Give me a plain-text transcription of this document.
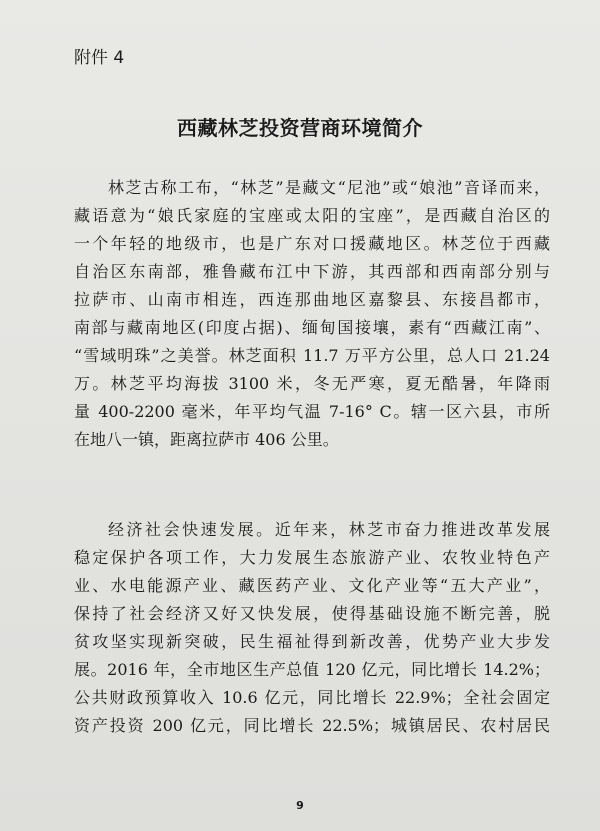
附件 4
西藏林芝投资营商环境简介
林芝古称工布，“林芝”是藏文“尼池”或“娘池”音译而来，
藏语意为“娘氏家庭的宝座或太阳的宝座”，是西藏自治区的
一个年轻的地级市，也是广东对口援藏地区。林芝位于西藏
自治区东南部，雅鲁藏布江中下游，其西部和西南部分别与
拉萨市、山南市相连，西连那曲地区嘉黎县、东接昌都市，
南部与藏南地区(印度占据)、缅甸国接壤，素有“西藏江南”、
“雪域明珠”之美誉。林芝面积 11.7 万平方公里，总人口 21.24
万。林芝平均海拔 3100 米，冬无严寒，夏无酷暑，年降雨
量 400-2200 毫米，年平均气温 7-16° C。辖一区六县，市所
在地八一镇，距离拉萨市 406 公里。
经济社会快速发展。近年来，林芝市奋力推进改革发展
稳定保护各项工作，大力发展生态旅游产业、农牧业特色产
业、水电能源产业、藏医药产业、文化产业等“五大产业”，
保持了社会经济又好又快发展，使得基础设施不断完善，脱
贫攻坚实现新突破，民生福祉得到新改善，优势产业大步发
展。2016 年，全市地区生产总值 120 亿元，同比增长 14.2%；
公共财政预算收入 10.6 亿元，同比增长 22.9%；全社会固定
资产投资 200 亿元，同比增长 22.5%；城镇居民、农村居民
9
